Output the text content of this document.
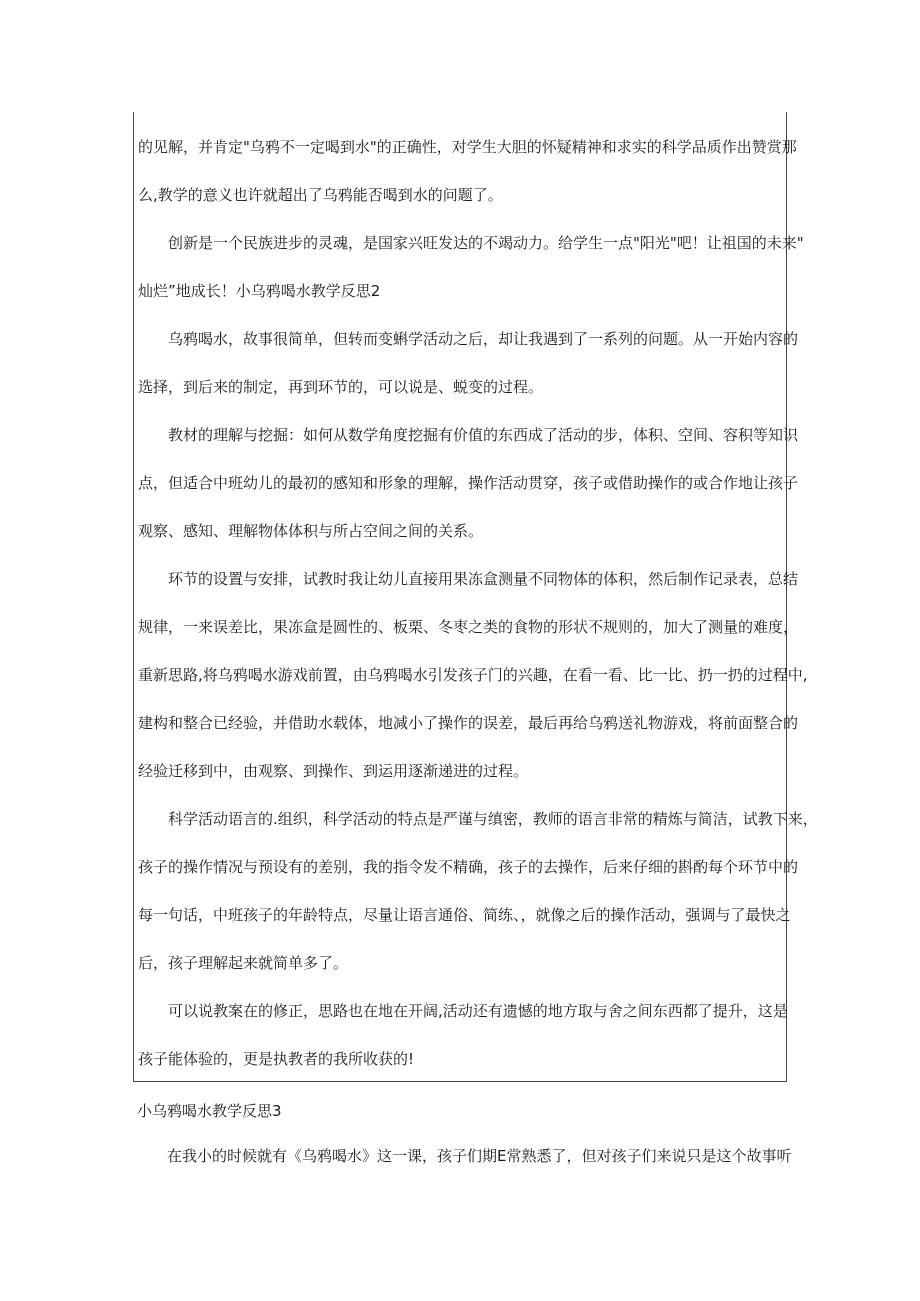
的见解，并肯定"乌鸦不一定喝到水"的正确性，对学生大胆的怀疑精神和求实的科学品质作出赞赏那
么,教学的意义也许就超出了乌鸦能否喝到水的问题了。
　　创新是一个民族进步的灵魂，是国家兴旺发达的不竭动力。给学生一点"阳光"吧！让祖国的未来"
灿烂”地成长！小乌鸦喝水教学反思2
　　乌鸦喝水，故事很简单，但转而变蝌学活动之后，却让我遇到了一系列的问题。从一开始内容的
选择，到后来的制定，再到环节的，可以说是、蜕变的过程。
　　教材的理解与挖掘：如何从数学角度挖掘有价值的东西成了活动的步，体积、空间、容积等知识
点，但适合中班幼儿的最初的感知和形象的理解，操作活动贯穿，孩子或借助操作的或合作地让孩子
观察、感知、理解物体体积与所占空间之间的关系。
　　环节的设置与安排，试教时我让幼儿直接用果冻盒测量不同物体的体积，然后制作记录表，总结
规律，一来误差比，果冻盒是圆性的、板栗、冬枣之类的食物的形状不规则的，加大了测量的难度，
重新思路,将乌鸦喝水游戏前置，由乌鸦喝水引发孩子门的兴趣，在看一看、比一比、扔一扔的过程中,
建构和整合已经验，并借助水载体，地减小了操作的误差，最后再给乌鸦送礼物游戏，将前面整合的
经验迁移到中，由观察、到操作、到运用逐渐递进的过程。
　　科学活动语言的.组织，科学活动的特点是严谨与缜密，教师的语言非常的精炼与简洁，试教下来，
孩子的操作情况与预设有的差别，我的指令发不精确，孩子的去操作，后来仔细的斟酌每个环节中的
每一句话，中班孩子的年龄特点，尽量让语言通俗、简练、，就像之后的操作活动，强调与了最快之
后，孩子理解起来就简单多了。
　　可以说教案在的修正，思路也在地在开阔,活动还有遗憾的地方取与舍之间东西都了提升，这是
孩子能体验的，更是执教者的我所收获的!
小乌鸦喝水教学反思3
　　在我小的时候就有《乌鸦喝水》这一课，孩子们期E常熟悉了，但对孩子们来说只是这个故事听
